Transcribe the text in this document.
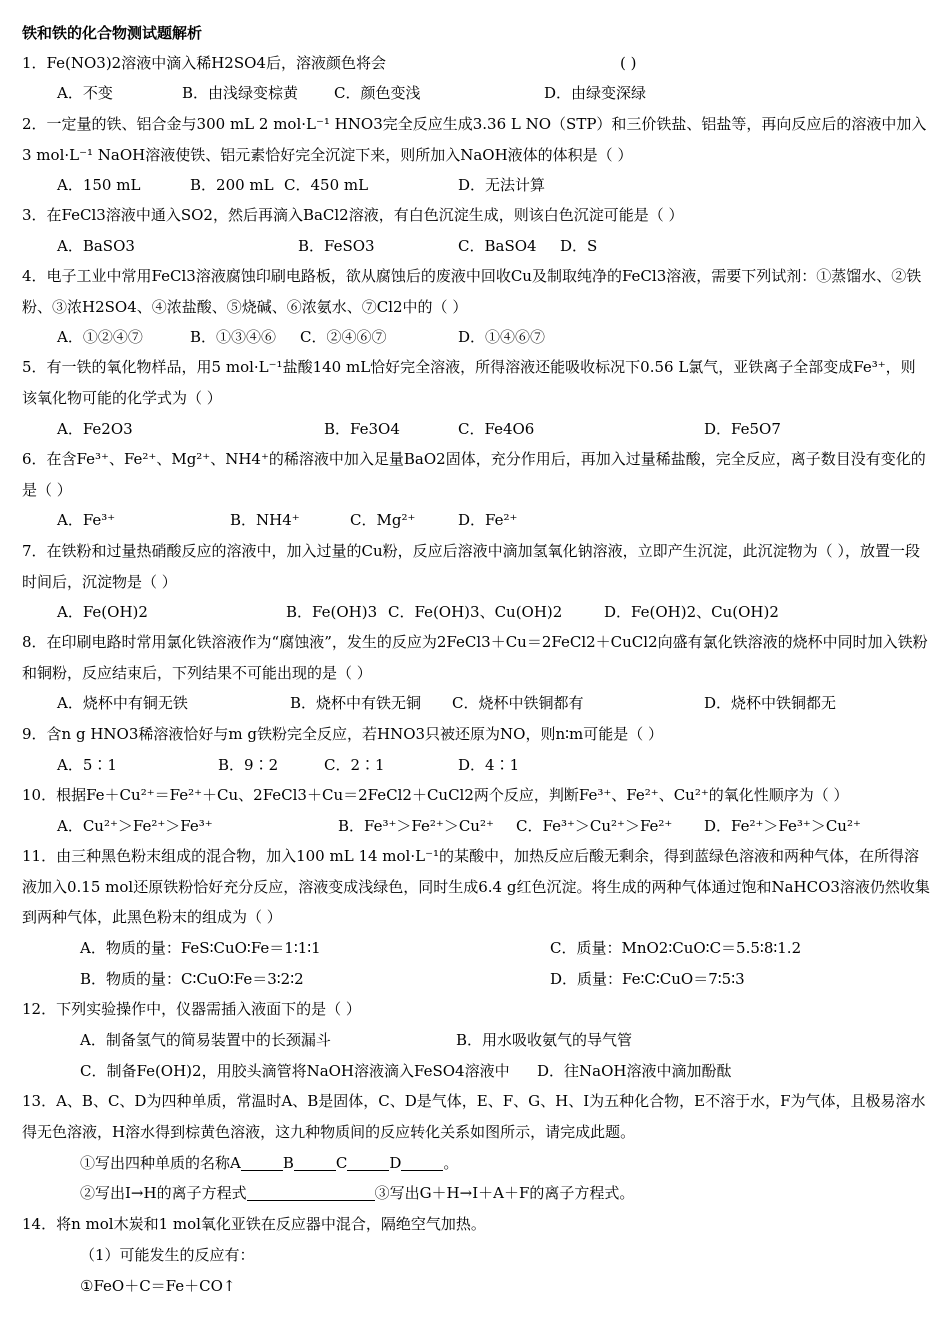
铁和铁的化合物测试题解析
1．Fe(NO3)2溶液中滴入稀H2SO4后，溶液颜色将会	( )
A．不变	B．由浅绿变棕黄 C．颜色变浅	D．由绿变深绿
2．一定量的铁、铝合金与300 mL 2 mol·L⁻¹ HNO3完全反应生成3.36 L NO（STP）和三价铁盐、铝盐等，再向反应后的溶液中加入3 mol·L⁻¹ NaOH溶液使铁、铝元素恰好完全沉淀下来，则所加入NaOH液体的体积是（ ）
A．150 mL	B．200 mL C．450 mL	D．无法计算
3．在FeCl3溶液中通入SO2，然后再滴入BaCl2溶液，有白色沉淀生成，则该白色沉淀可能是（ ）
A．BaSO3	B．FeSO3	C．BaSO4 D．S
4．电子工业中常用FeCl3溶液腐蚀印刷电路板，欲从腐蚀后的废液中回收Cu及制取纯净的FeCl3溶液，需要下列试剂：①蒸馏水、②铁粉、③浓H2SO4、④浓盐酸、⑤烧碱、⑥浓氨水、⑦Cl2中的（ ）
A．①②④⑦	B．①③④⑥ C．②④⑥⑦	D．①④⑥⑦
5．有一铁的氧化物样品，用5 mol·L⁻¹盐酸140 mL恰好完全溶液，所得溶液还能吸收标况下0.56 L氯气，亚铁离子全部变成Fe³⁺，则该氧化物可能的化学式为（ ）
A．Fe2O3	B．Fe3O4	C．Fe4O6	D．Fe5O7
6．在含Fe³⁺、Fe²⁺、Mg²⁺、NH4⁺的稀溶液中加入足量BaO2固体，充分作用后，再加入过量稀盐酸，完全反应，离子数目没有变化的是（ ）
A．Fe³⁺	B．NH4⁺	C．Mg²⁺	D．Fe²⁺
7．在铁粉和过量热硝酸反应的溶液中，加入过量的Cu粉，反应后溶液中滴加氢氧化钠溶液，立即产生沉淀，此沉淀物为（ ），放置一段时间后，沉淀物是（ ）
A．Fe(OH)2	B．Fe(OH)3 C．Fe(OH)3、Cu(OH)2	D．Fe(OH)2、Cu(OH)2
8．在印刷电路时常用氯化铁溶液作为“腐蚀液”，发生的反应为2FeCl3＋Cu＝2FeCl2＋CuCl2向盛有氯化铁溶液的烧杯中同时加入铁粉和铜粉，反应结束后，下列结果不可能出现的是（ ）
A．烧杯中有铜无铁	B．烧杯中有铁无铜 C．烧杯中铁铜都有	D．烧杯中铁铜都无
9．含n g HNO3稀溶液恰好与m g铁粉完全反应，若HNO3只被还原为NO，则n∶m可能是（ ）
A．5∶1	B．9∶2	C．2∶1	D．4∶1
10．根据Fe＋Cu²⁺＝Fe²⁺＋Cu、2FeCl3＋Cu＝2FeCl2＋CuCl2两个反应，判断Fe³⁺、Fe²⁺、Cu²⁺的氧化性顺序为（ ）
A．Cu²⁺＞Fe²⁺＞Fe³⁺	B．Fe³⁺＞Fe²⁺＞Cu²⁺ C．Fe³⁺＞Cu²⁺＞Fe²⁺ D．Fe²⁺＞Fe³⁺＞Cu²⁺
11．由三种黑色粉末组成的混合物，加入100 mL 14 mol·L⁻¹的某酸中，加热反应后酸无剩余，得到蓝绿色溶液和两种气体，在所得溶液加入0.15 mol还原铁粉恰好充分反应，溶液变成浅绿色，同时生成6.4 g红色沉淀。将生成的两种气体通过饱和NaHCO3溶液仍然收集到两种气体，此黑色粉末的组成为（ ）
A．物质的量：FeS∶CuO∶Fe＝1∶1∶1	C．质量：MnO2∶CuO∶C＝5.5∶8∶1.2
B．物质的量：C∶CuO∶Fe＝3∶2∶2	D．质量：Fe∶C∶CuO＝7∶5∶3
12．下列实验操作中，仪器需插入液面下的是（ ）
A．制备氢气的简易装置中的长颈漏斗	B．用水吸收氨气的导气管
C．制备Fe(OH)2，用胶头滴管将NaOH溶液滴入FeSO4溶液中 D．往NaOH溶液中滴加酚酞
13．A、B、C、D为四种单质，常温时A、B是固体，C、D是气体，E、F、G、H、I为五种化合物，E不溶于水，F为气体，且极易溶水得无色溶液，H溶水得到棕黄色溶液，这九种物质间的反应转化关系如图所示，请完成此题。
①写出四种单质的名称A	B	C	D	。
②写出I→H的离子方程式	③写出G＋H→I＋A＋F的离子方程式。
14．将n mol木炭和1 mol氧化亚铁在反应器中混合，隔绝空气加热。
（1）可能发生的反应有：
①FeO＋C＝Fe＋CO↑
